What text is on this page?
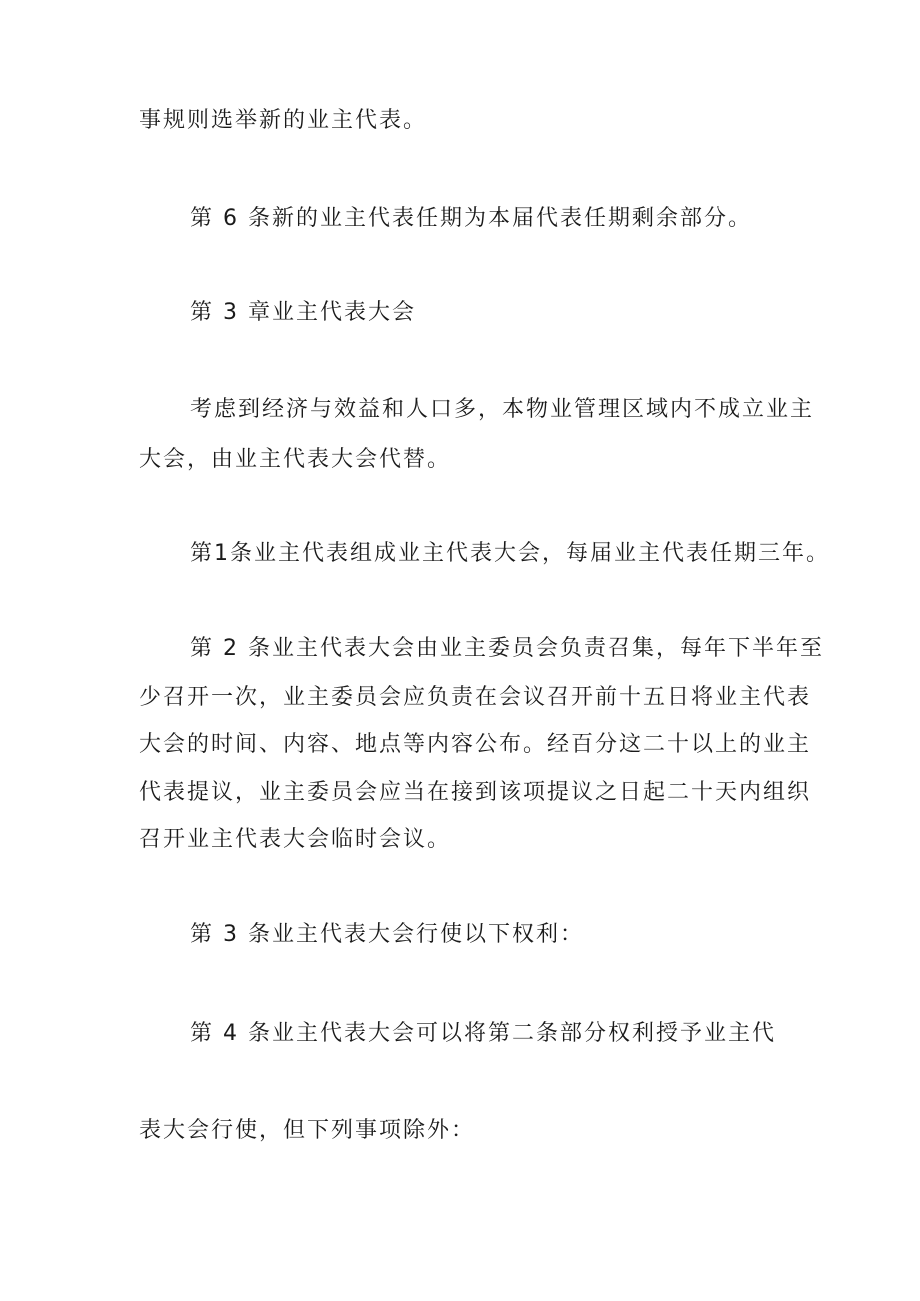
事规则选举新的业主代表。

第 6 条新的业主代表任期为本届代表任期剩余部分。

第 3 章业主代表大会

考虑到经济与效益和人口多，本物业管理区域内不成立业主

大会，由业主代表大会代替。

第1条业主代表组成业主代表大会，每届业主代表任期三年。

第 2 条业主代表大会由业主委员会负责召集，每年下半年至

少召开一次，业主委员会应负责在会议召开前十五日将业主代表

大会的时间、内容、地点等内容公布。经百分这二十以上的业主

代表提议，业主委员会应当在接到该项提议之日起二十天内组织

召开业主代表大会临时会议。

第 3 条业主代表大会行使以下权利：

第 4 条业主代表大会可以将第二条部分权利授予业主代

表大会行使，但下列事项除外：
